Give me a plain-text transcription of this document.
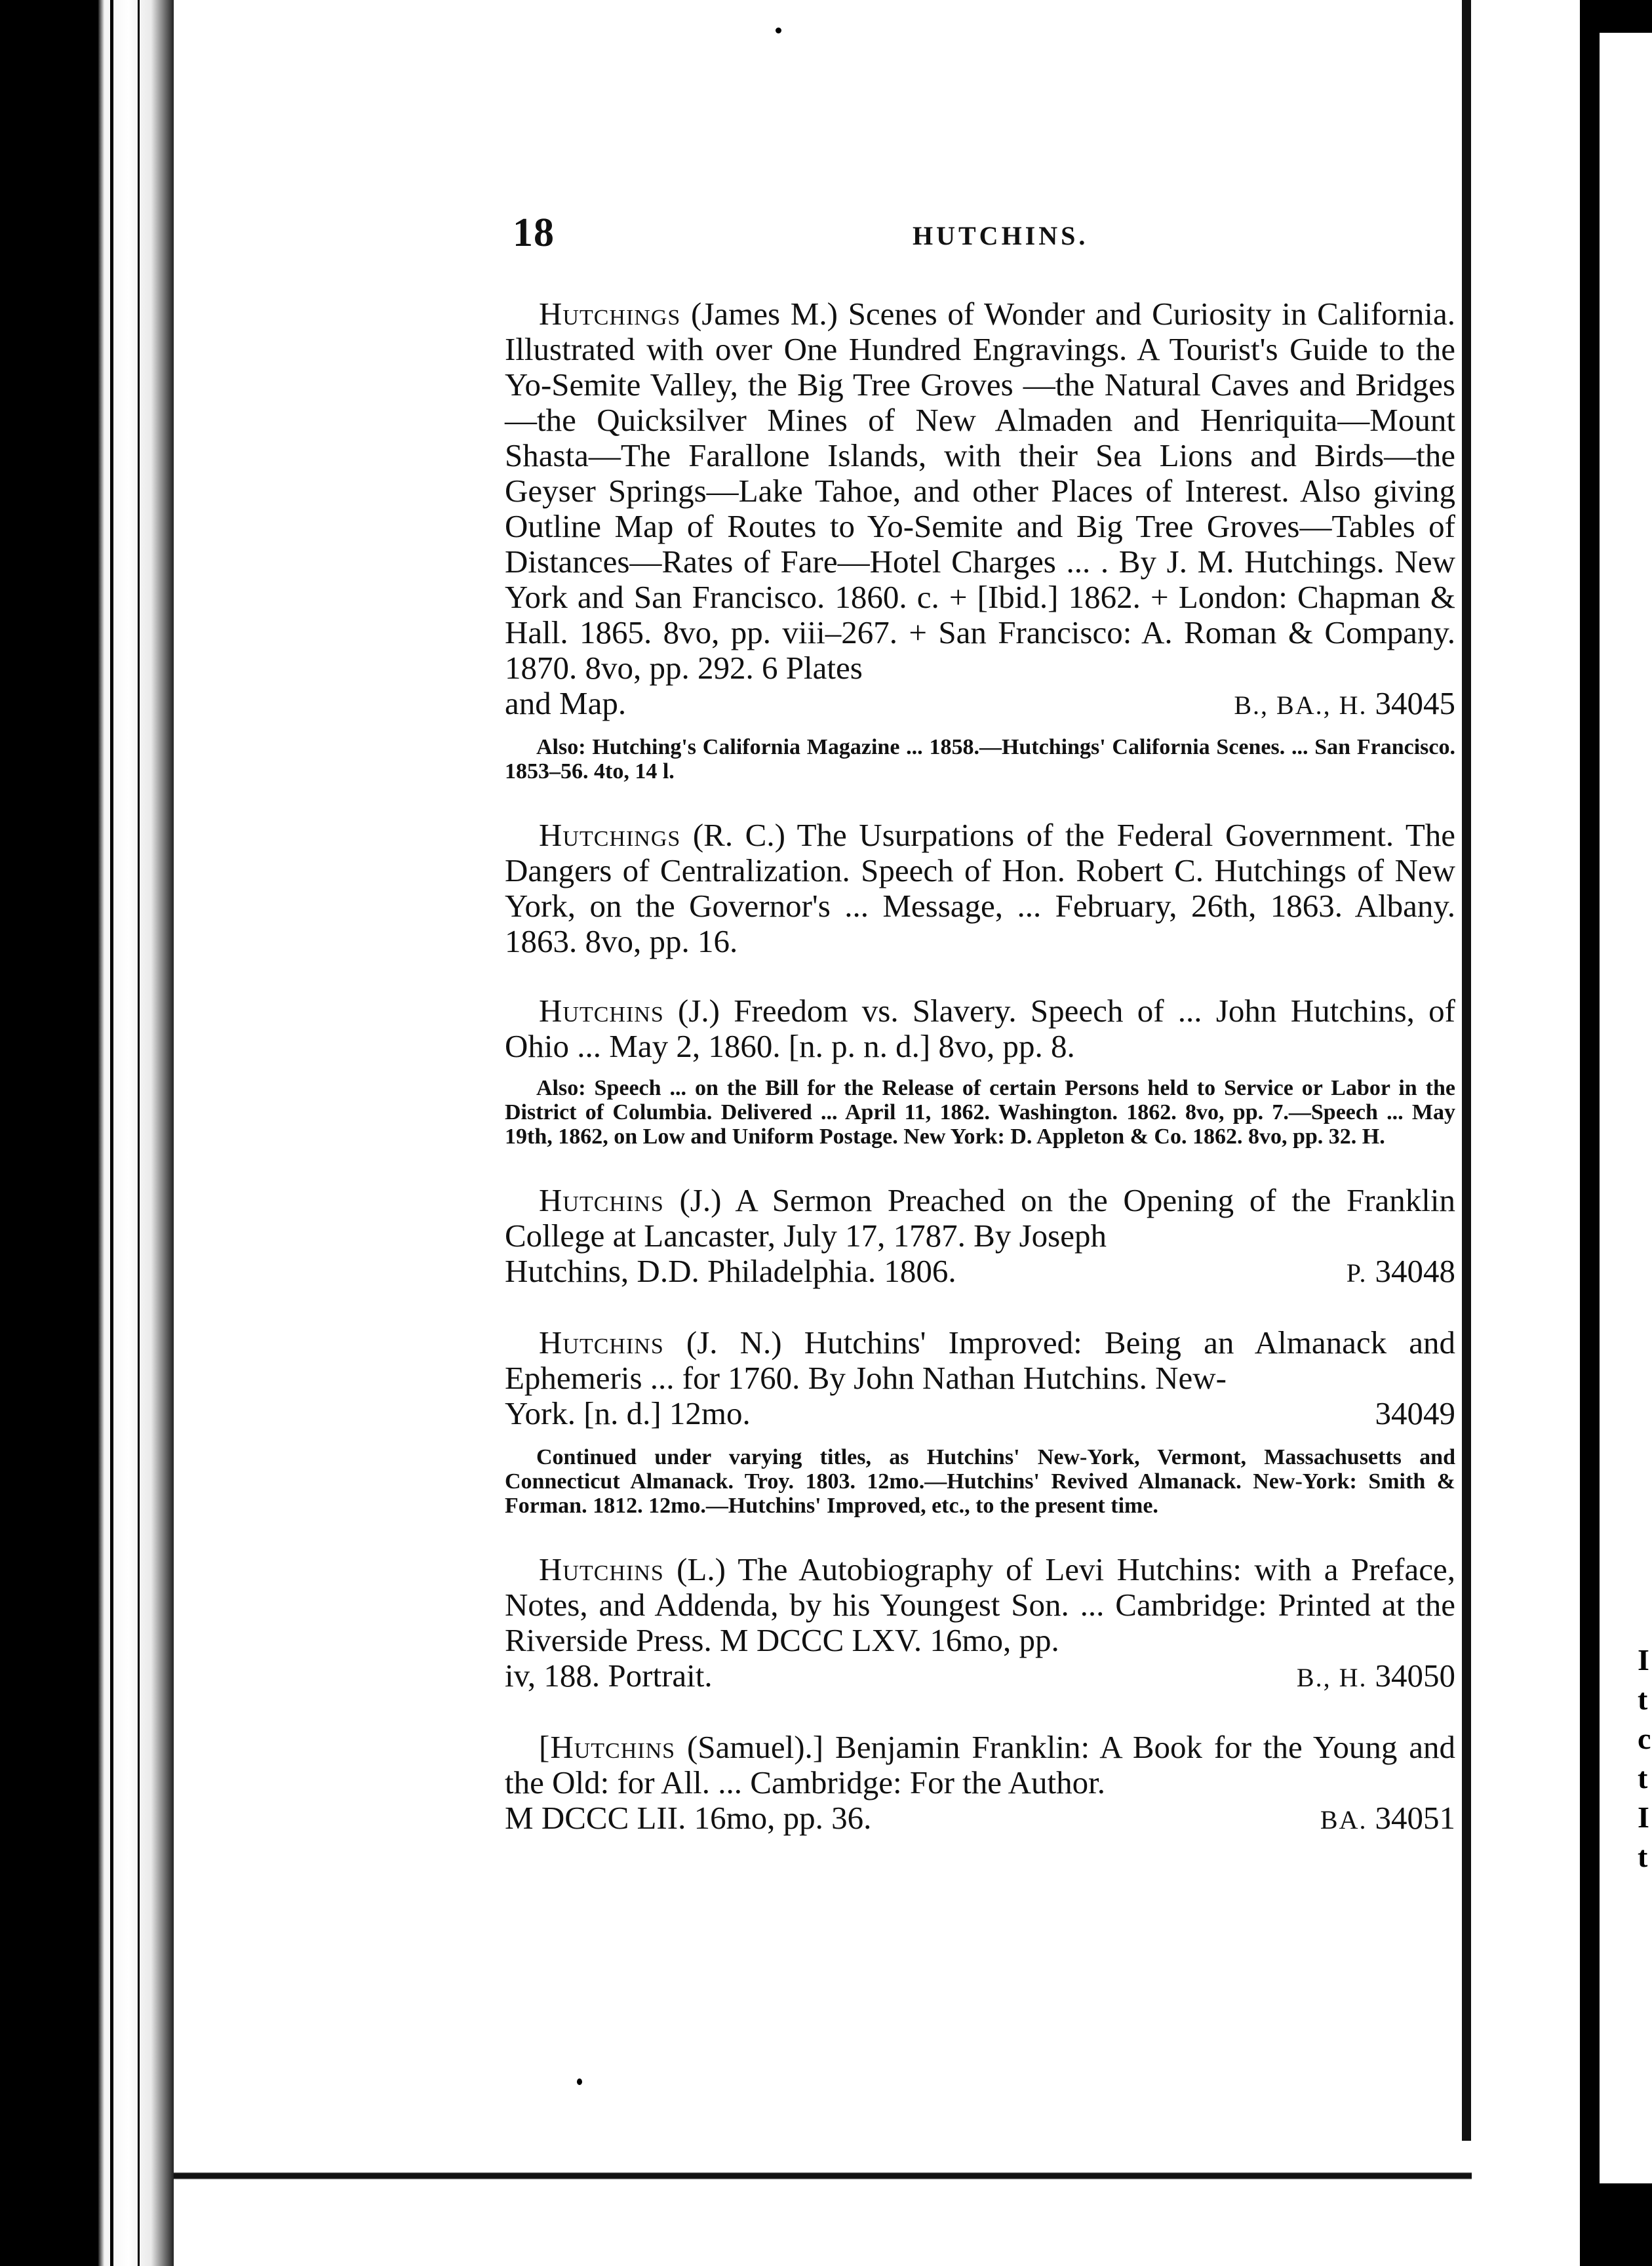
I
t
c
t
I
t
18	HUTCHINS.

Hutchings (James M.) Scenes of Wonder and Curiosity in California. Illustrated with over One Hundred Engravings. A Tourist's Guide to the Yo-Semite Valley, the Big Tree Groves —the Natural Caves and Bridges—the Quicksilver Mines of New Almaden and Henriquita—Mount Shasta—The Farallone Islands, with their Sea Lions and Birds—the Geyser Springs—Lake Tahoe, and other Places of Interest. Also giving Outline Map of Routes to Yo-Semite and Big Tree Groves—Tables of Distances—Rates of Fare—Hotel Charges ... . By J. M. Hutchings. New York and San Francisco. 1860. c. + [Ibid.] 1862. + London: Chapman & Hall. 1865. 8vo, pp. viii–267. + San Francisco: A. Roman & Company. 1870. 8vo, pp. 292. 6 Plates

and Map.	B., BA., H. 34045

Also: Hutching's California Magazine ... 1858.—Hutchings' California Scenes. ... San Francisco. 1853–56. 4to, 14 l.

Hutchings (R. C.) The Usurpations of the Federal Government. The Dangers of Centralization. Speech of Hon. Robert C. Hutchings of New York, on the Governor's ... Message, ... February, 26th, 1863. Albany. 1863. 8vo, pp. 16.

Hutchins (J.) Freedom vs. Slavery. Speech of ... John Hutchins, of Ohio ... May 2, 1860. [n. p. n. d.] 8vo, pp. 8.

Also: Speech ... on the Bill for the Release of certain Persons held to Service or Labor in the District of Columbia. Delivered ... April 11, 1862. Washington. 1862. 8vo, pp. 7.—Speech ... May 19th, 1862, on Low and Uniform Postage. New York: D. Appleton & Co. 1862. 8vo, pp. 32. H.

Hutchins (J.) A Sermon Preached on the Opening of the Franklin College at Lancaster, July 17, 1787. By Joseph

Hutchins, D.D. Philadelphia. 1806.	P. 34048

Hutchins (J. N.) Hutchins' Improved: Being an Almanack and Ephemeris ... for 1760. By John Nathan Hutchins. New-

York. [n. d.] 12mo.	34049

Continued under varying titles, as Hutchins' New-York, Vermont, Massachusetts and Connecticut Almanack. Troy. 1803. 12mo.—Hutchins' Revived Almanack. New-York: Smith & Forman. 1812. 12mo.—Hutchins' Improved, etc., to the present time.

Hutchins (L.) The Autobiography of Levi Hutchins: with a Preface, Notes, and Addenda, by his Youngest Son. ... Cambridge: Printed at the Riverside Press. M DCCC LXV. 16mo, pp.

iv, 188. Portrait.	B., H. 34050

[Hutchins (Samuel).] Benjamin Franklin: A Book for the Young and the Old: for All. ... Cambridge: For the Author.

M DCCC LII. 16mo, pp. 36.	BA. 34051
